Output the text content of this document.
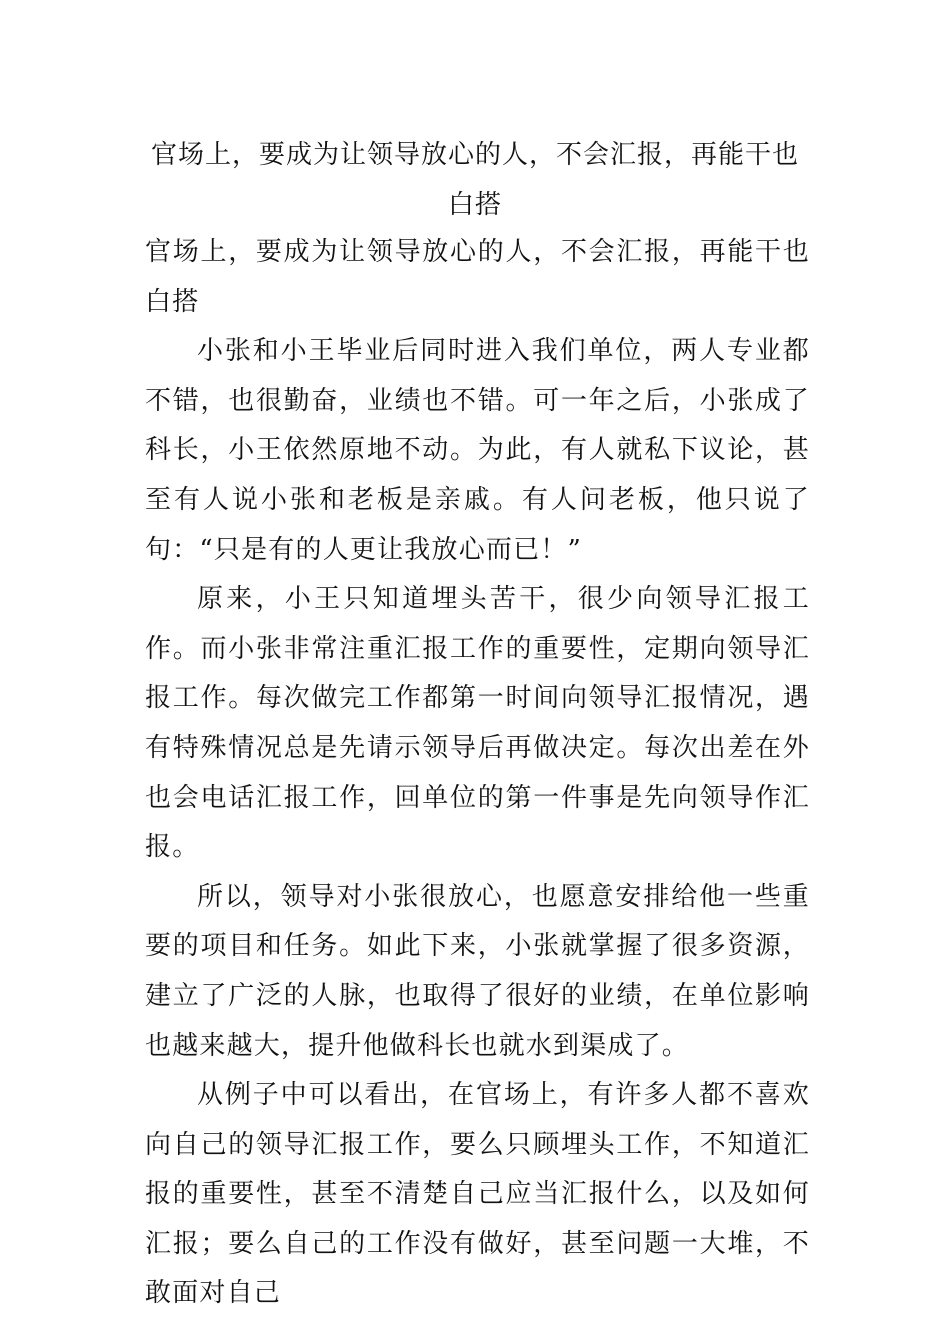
官场上，要成为让领导放心的人，不会汇报，再能干也白搭

官场上，要成为让领导放心的人，不会汇报，再能干也白搭

小张和小王毕业后同时进入我们单位，两人专业都不错，也很勤奋，业绩也不错。可一年之后，小张成了科长，小王依然原地不动。为此，有人就私下议论，甚至有人说小张和老板是亲戚。有人问老板，他只说了句：“只是有的人更让我放心而已！”

原来，小王只知道埋头苦干，很少向领导汇报工作。而小张非常注重汇报工作的重要性，定期向领导汇报工作。每次做完工作都第一时间向领导汇报情况，遇有特殊情况总是先请示领导后再做决定。每次出差在外也会电话汇报工作，回单位的第一件事是先向领导作汇报。

所以，领导对小张很放心，也愿意安排给他一些重要的项目和任务。如此下来，小张就掌握了很多资源，建立了广泛的人脉，也取得了很好的业绩，在单位影响也越来越大，提升他做科长也就水到渠成了。

从例子中可以看出，在官场上，有许多人都不喜欢向自己的领导汇报工作，要么只顾埋头工作，不知道汇报的重要性，甚至不清楚自己应当汇报什么，以及如何汇报；要么自己的工作没有做好，甚至问题一大堆，不敢面对自己
